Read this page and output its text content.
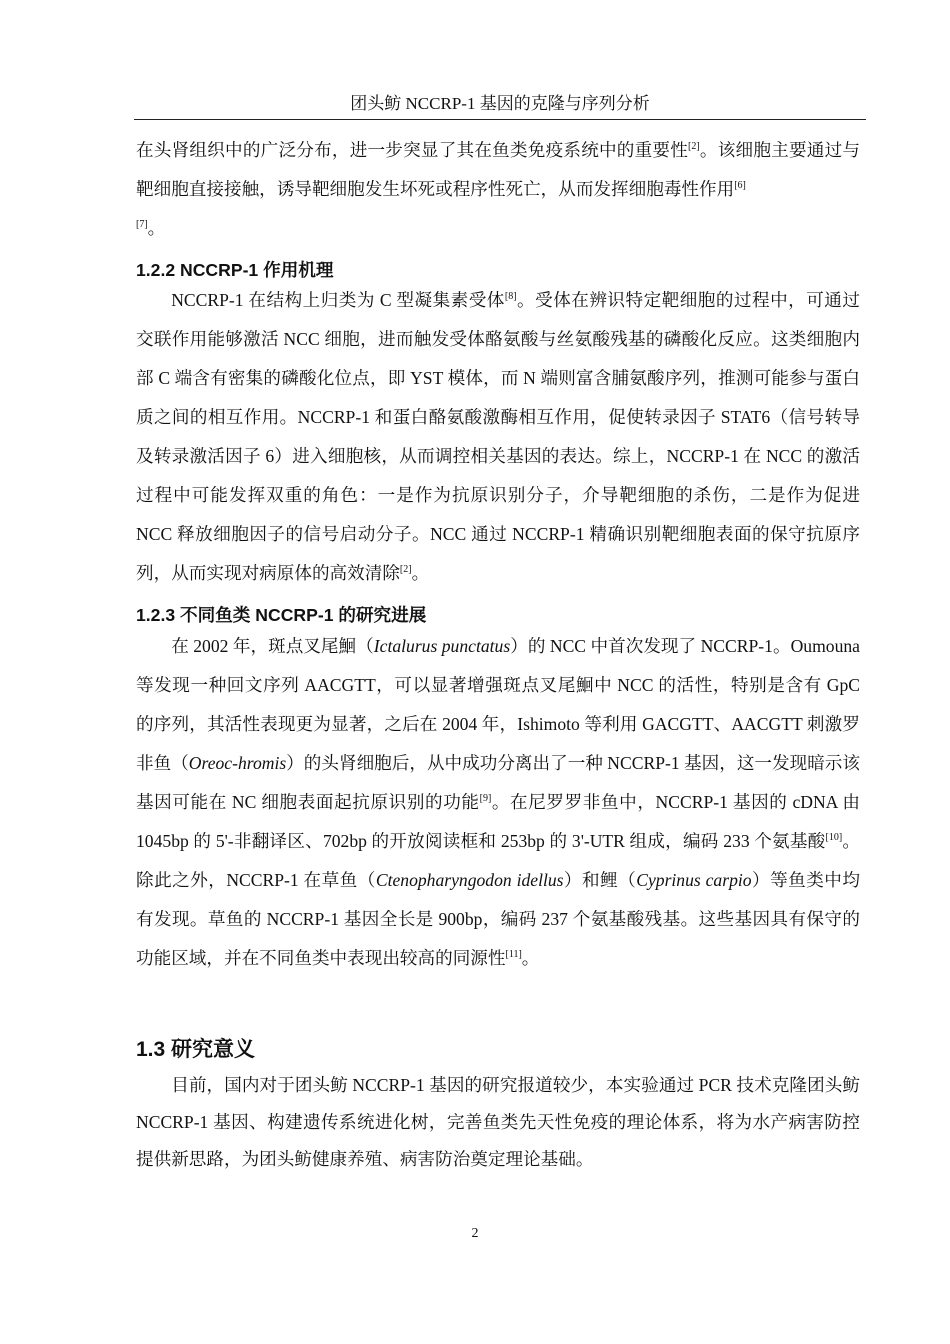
团头鲂 NCCRP-1 基因的克隆与序列分析

在头肾组织中的广泛分布，进一步突显了其在鱼类免疫系统中的重要性[2]。该细胞主要通过与靶细胞直接接触，诱导靶细胞发生坏死或程序性死亡，从而发挥细胞毒性作用[6]
[7]。

1.2.2 NCCRP-1 作用机理

NCCRP-1 在结构上归类为 C 型凝集素受体[8]。受体在辨识特定靶细胞的过程中，可通过交联作用能够激活 NCC 细胞，进而触发受体酪氨酸与丝氨酸残基的磷酸化反应。这类细胞内部 C 端含有密集的磷酸化位点，即 YST 模体，而 N 端则富含脯氨酸序列，推测可能参与蛋白质之间的相互作用。NCCRP-1 和蛋白酪氨酸激酶相互作用，促使转录因子 STAT6（信号转导及转录激活因子 6）进入细胞核，从而调控相关基因的表达。综上，NCCRP-1 在 NCC 的激活过程中可能发挥双重的角色：一是作为抗原识别分子，介导靶细胞的杀伤，二是作为促进 NCC 释放细胞因子的信号启动分子。NCC 通过 NCCRP-1 精确识别靶细胞表面的保守抗原序列，从而实现对病原体的高效清除[2]。

1.2.3 不同鱼类 NCCRP-1 的研究进展

在 2002 年，斑点叉尾鮰（Ictalurus punctatus）的 NCC 中首次发现了 NCCRP-1。Oumouna 等发现一种回文序列 AACGTT，可以显著增强斑点叉尾鮰中 NCC 的活性，特别是含有 GpC 的序列，其活性表现更为显著，之后在 2004 年，Ishimoto 等利用 GACGTT、AACGTT 刺激罗非鱼（Oreoc-hromis）的头肾细胞后，从中成功分离出了一种 NCCRP-1 基因，这一发现暗示该基因可能在 NC 细胞表面起抗原识别的功能[9]。在尼罗罗非鱼中，NCCRP-1 基因的 cDNA 由 1045bp 的 5'-非翻译区、702bp 的开放阅读框和 253bp 的 3'-UTR 组成，编码 233 个氨基酸[10]。除此之外，NCCRP-1 在草鱼（Ctenopharyngodon idellus）和鲤（Cyprinus carpio）等鱼类中均有发现。草鱼的 NCCRP-1 基因全长是 900bp，编码 237 个氨基酸残基。这些基因具有保守的功能区域，并在不同鱼类中表现出较高的同源性[11]。

1.3 研究意义

目前，国内对于团头鲂 NCCRP-1 基因的研究报道较少，本实验通过 PCR 技术克隆团头鲂 NCCRP-1 基因、构建遗传系统进化树，完善鱼类先天性免疫的理论体系，将为水产病害防控提供新思路，为团头鲂健康养殖、病害防治奠定理论基础。

2
